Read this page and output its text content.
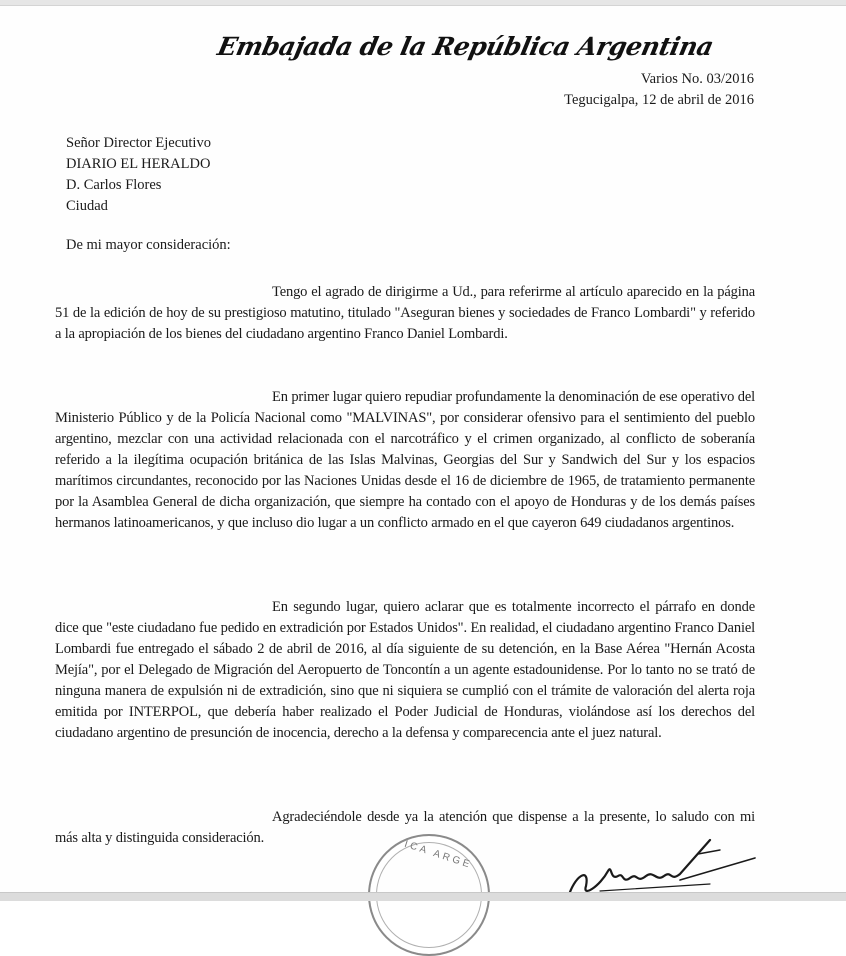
Embajada de la República Argentina
Varios No. 03/2016
Tegucigalpa, 12 de abril de 2016
Señor Director Ejecutivo
DIARIO EL HERALDO
D. Carlos Flores
Ciudad
De mi mayor consideración:

Tengo el agrado de dirigirme a Ud., para referirme al artículo aparecido en la página 51 de la edición de hoy de su prestigioso matutino, titulado "Aseguran bienes y sociedades de Franco Lombardi" y referido a la apropiación de los bienes del ciudadano argentino Franco Daniel Lombardi.

En primer lugar quiero repudiar profundamente la denominación de ese operativo del Ministerio Público y de la Policía Nacional como "MALVINAS", por considerar ofensivo para el sentimiento del pueblo argentino, mezclar con una actividad relacionada con el narcotráfico y el crimen organizado, al conflicto de soberanía referido a la ilegítima ocupación británica de las Islas Malvinas, Georgias del Sur y Sandwich del Sur y los espacios marítimos circundantes, reconocido por las Naciones Unidas desde el 16 de diciembre de 1965, de tratamiento permanente por la Asamblea General de dicha organización, que siempre ha contado con el apoyo de Honduras y de los demás países hermanos latinoamericanos, y que incluso dio lugar a un conflicto armado en el que cayeron 649 ciudadanos argentinos.

En segundo lugar, quiero aclarar que es totalmente incorrecto el párrafo en donde dice que "este ciudadano fue pedido en extradición por Estados Unidos". En realidad, el ciudadano argentino Franco Daniel Lombardi fue entregado el sábado 2 de abril de 2016, al día siguiente de su detención, en la Base Aérea "Hernán Acosta Mejía", por el Delegado de Migración del Aeropuerto de Toncontín a un agente estadounidense. Por lo tanto no se trató de ninguna manera de expulsión ni de extradición, sino que ni siquiera se cumplió con el trámite de valoración del alerta roja emitida por INTERPOL, que debería haber realizado el Poder Judicial de Honduras, violándose así los derechos del ciudadano argentino de presunción de inocencia, derecho a la defensa y comparecencia ante el juez natural.

Agradeciéndole desde ya la atención que dispense a la presente, lo saludo con mi más alta y distinguida consideración.	TICA ARGE
